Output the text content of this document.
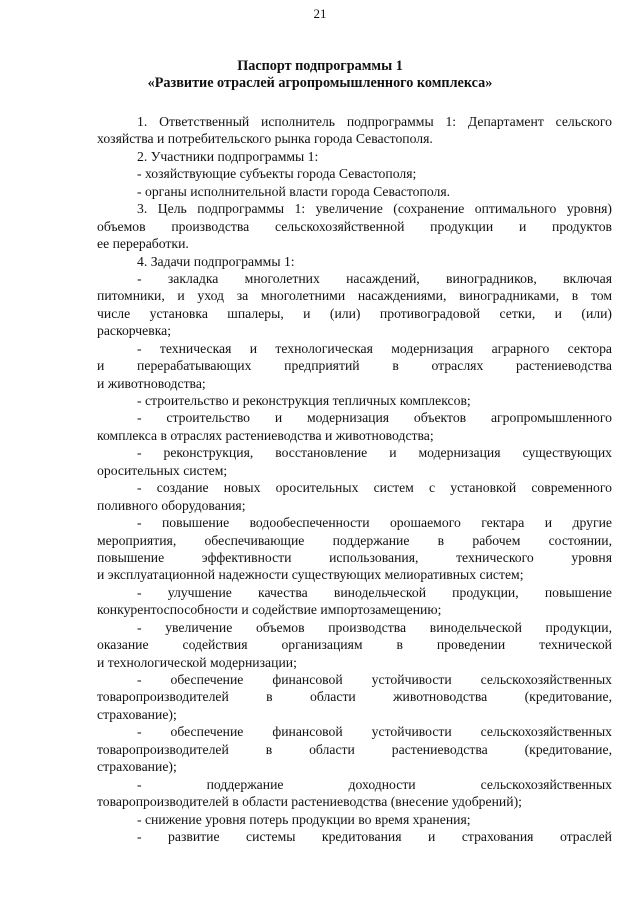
21
Паспорт подпрограммы 1
«Развитие отраслей агропромышленного комплекса»
1. Ответственный исполнитель подпрограммы 1: Департамент сельского
хозяйства и потребительского рынка города Севастополя.
2. Участники подпрограммы 1:
- хозяйствующие субъекты города Севастополя;
- органы исполнительной власти города Севастополя.
3. Цель подпрограммы 1: увеличение (сохранение оптимального уровня)
объемов производства сельскохозяйственной продукции и продуктов
ее переработки.
4. Задачи подпрограммы 1:
- закладка многолетних насаждений, виноградников, включая
питомники, и уход за многолетними насаждениями, виноградниками, в том
числе установка шпалеры, и (или) противоградовой сетки, и (или)
раскорчевка;
- техническая и технологическая модернизация аграрного сектора
и перерабатывающих предприятий в отраслях растениеводства
и животноводства;
- строительство и реконструкция тепличных комплексов;
- строительство и модернизация объектов агропромышленного
комплекса в отраслях растениеводства и животноводства;
- реконструкция, восстановление и модернизация существующих
оросительных систем;
- создание новых оросительных систем с установкой современного
поливного оборудования;
- повышение водообеспеченности орошаемого гектара и другие
мероприятия, обеспечивающие поддержание в рабочем состоянии,
повышение эффективности использования, технического уровня
и эксплуатационной надежности существующих мелиоративных систем;
- улучшение качества винодельческой продукции, повышение
конкурентоспособности и содействие импортозамещению;
- увеличение объемов производства винодельческой продукции,
оказание содействия организациям в проведении технической
и технологической модернизации;
- обеспечение финансовой устойчивости сельскохозяйственных
товаропроизводителей в области животноводства (кредитование,
страхование);
- обеспечение финансовой устойчивости сельскохозяйственных
товаропроизводителей в области растениеводства (кредитование,
страхование);
- поддержание доходности сельскохозяйственных
товаропроизводителей в области растениеводства (внесение удобрений);
- снижение уровня потерь продукции во время хранения;
- развитие системы кредитования и страхования отраслей
